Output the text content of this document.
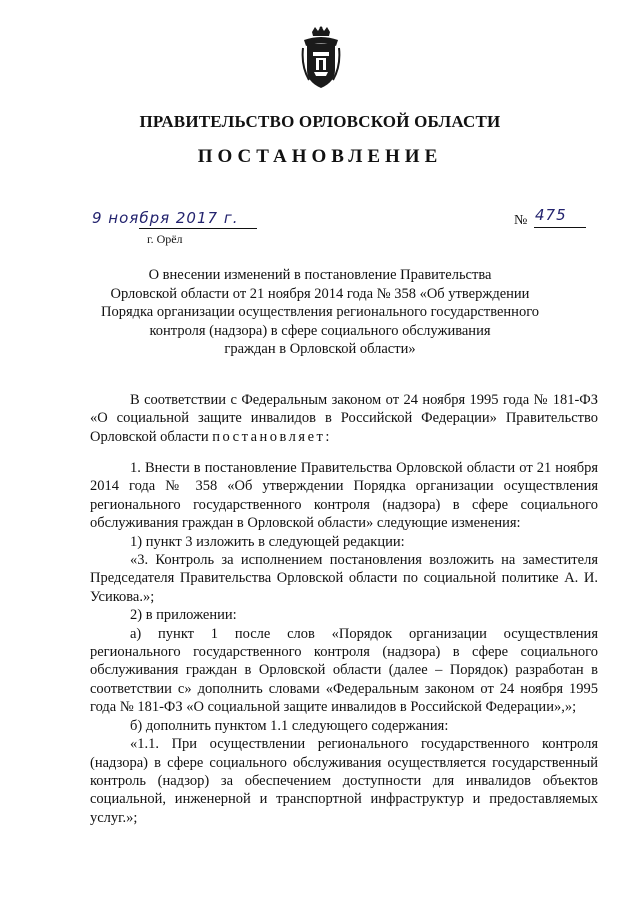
ПРАВИТЕЛЬСТВО ОРЛОВСКОЙ ОБЛАСТИ
ПОСТАНОВЛЕНИЕ
9 ноября 2017 г.
г. Орёл
№ 475
О внесении изменений в постановление Правительства
Орловской области от 21 ноября 2014 года № 358 «Об утверждении
Порядка организации осуществления регионального государственного
контроля (надзора) в сфере социального обслуживания
граждан в Орловской области»

В соответствии с Федеральным законом от 24 ноября 1995 года № 181-ФЗ «О социальной защите инвалидов в Российской Федерации» Правительство Орловской области постановляет:

1. Внести в постановление Правительства Орловской области от 21 ноября 2014 года № 358 «Об утверждении Порядка организации осуществления регионального государственного контроля (надзора) в сфере социального обслуживания граждан в Орловской области» следующие изменения:

1) пункт 3 изложить в следующей редакции:

«3. Контроль за исполнением постановления возложить на заместителя Председателя Правительства Орловской области по социальной политике А. И. Усикова.»;

2) в приложении:

а) пункт 1 после слов «Порядок организации осуществления регионального государственного контроля (надзора) в сфере социального обслуживания граждан в Орловской области (далее – Порядок) разработан в соответствии с» дополнить словами «Федеральным законом от 24 ноября 1995 года № 181-ФЗ «О социальной защите инвалидов в Российской Федерации»,»;

б) дополнить пунктом 1.1 следующего содержания:

«1.1. При осуществлении регионального государственного контроля (надзора) в сфере социального обслуживания осуществляется государственный контроль (надзор) за обеспечением доступности для инвалидов объектов социальной, инженерной и транспортной инфраструктур и предоставляемых услуг.»;
